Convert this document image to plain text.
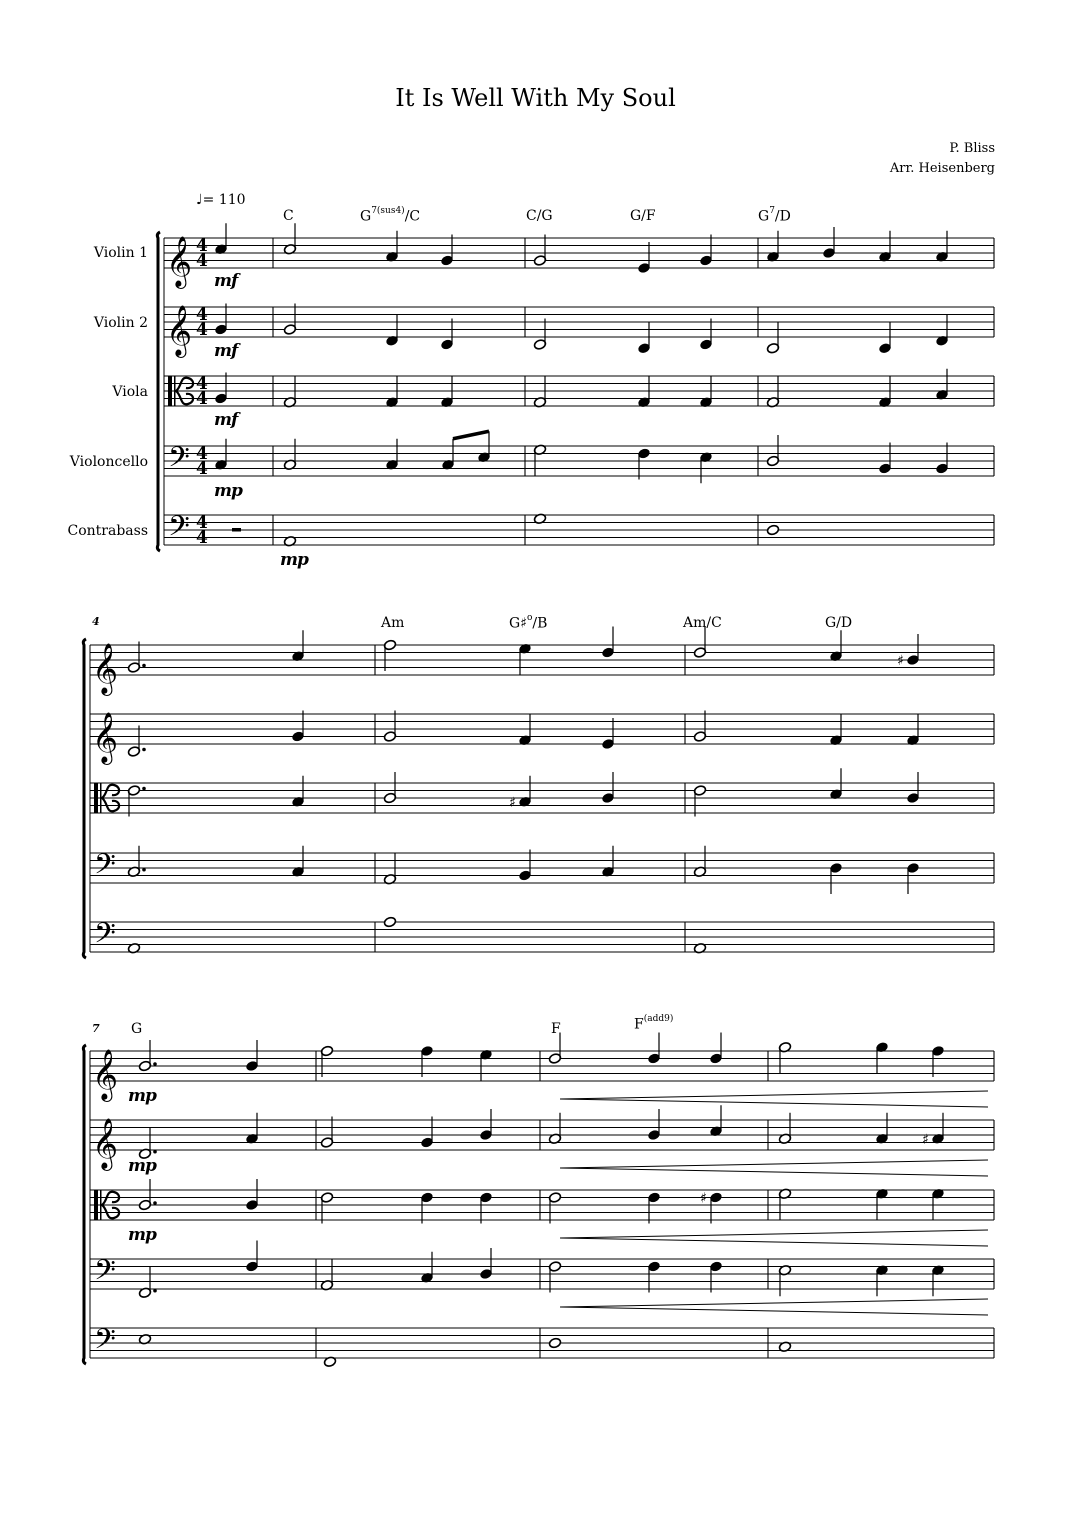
𝄞 4
4
𝄞 4
4
4
4
𝄢 4
4
𝄢 4
4
𝄞
𝄞
𝄢
𝄢
𝄞
𝄞
𝄢
𝄢
♯
♯
♯
♯
It Is Well With My Soul
P. Bliss
Arr. Heisenberg
♩= 110
Violin 1
Violin 2
Viola
Violoncello
Contrabass
C	$G^{7(sus4)}/C$	C/G	G/F	$G^7/D$
mf
mf
mf
mp
mp
4	Am	G♯$^o$/B	Am/C	G/D
7 G	F	$F^{(add9)}$
mp
mp
mp
